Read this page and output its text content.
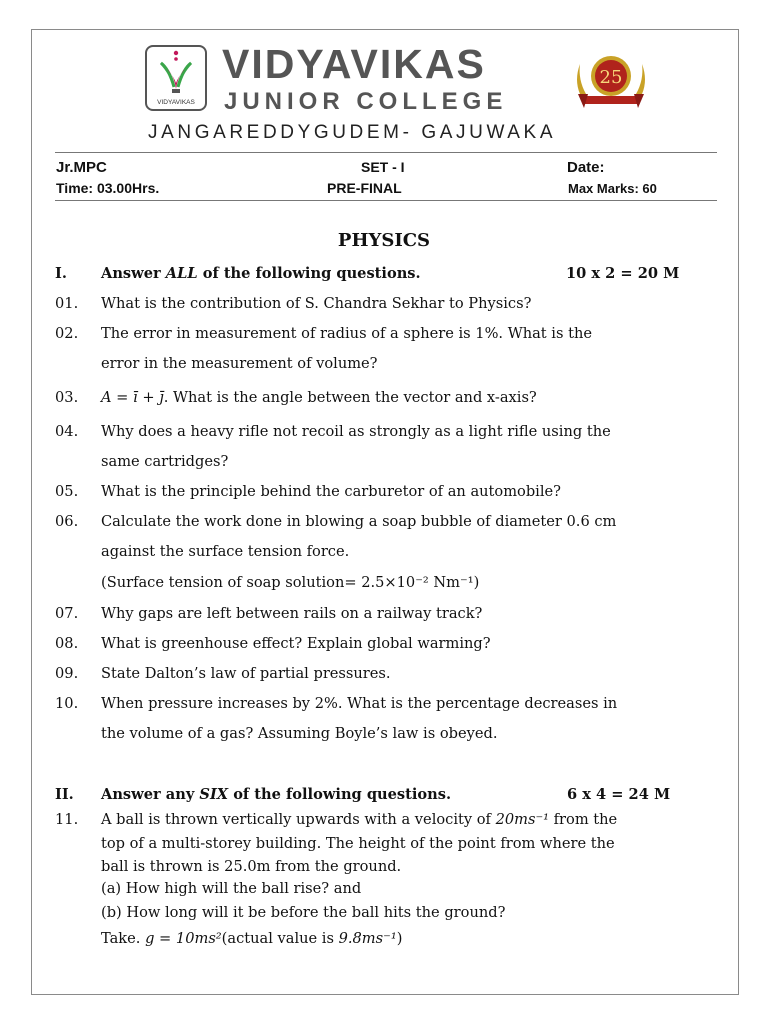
VIDYAVIKAS
VIDYAVIKAS
JUNIOR COLLEGE
25
JANGAREDDYGUDEM- GAJUWAKA
Jr.MPC	SET - I	Date:
Time: 03.00Hrs.	PRE-FINAL	Max Marks: 60
PHYSICS
I. Answer ALL of the following questions.	10 x 2 = 20 M
01. What is the contribution of S. Chandra Sekhar to Physics?
02. The error in measurement of radius of a sphere is 1%. What is the
error in the measurement of volume?
03. A = ī + j̄. What is the angle between the vector and x-axis?
04. Why does a heavy rifle not recoil as strongly as a light rifle using the
same cartridges?
05. What is the principle behind the carburetor of an automobile?
06. Calculate the work done in blowing a soap bubble of diameter 0.6 cm
against the surface tension force.
(Surface tension of soap solution= 2.5×10⁻² Nm⁻¹)
07. Why gaps are left between rails on a railway track?
08. What is greenhouse effect? Explain global warming?
09. State Dalton’s law of partial pressures.
10. When pressure increases by 2%. What is the percentage decreases in
the volume of a gas? Assuming Boyle’s law is obeyed.
II. Answer any SIX of the following questions.	6 x 4 = 24 M
11. A ball is thrown vertically upwards with a velocity of 20ms⁻¹ from the
top of a multi-storey building. The height of the point from where the
ball is thrown is 25.0m from the ground.
(a) How high will the ball rise? and
(b) How long will it be before the ball hits the ground?
Take. g = 10ms²(actual value is 9.8ms⁻¹)
